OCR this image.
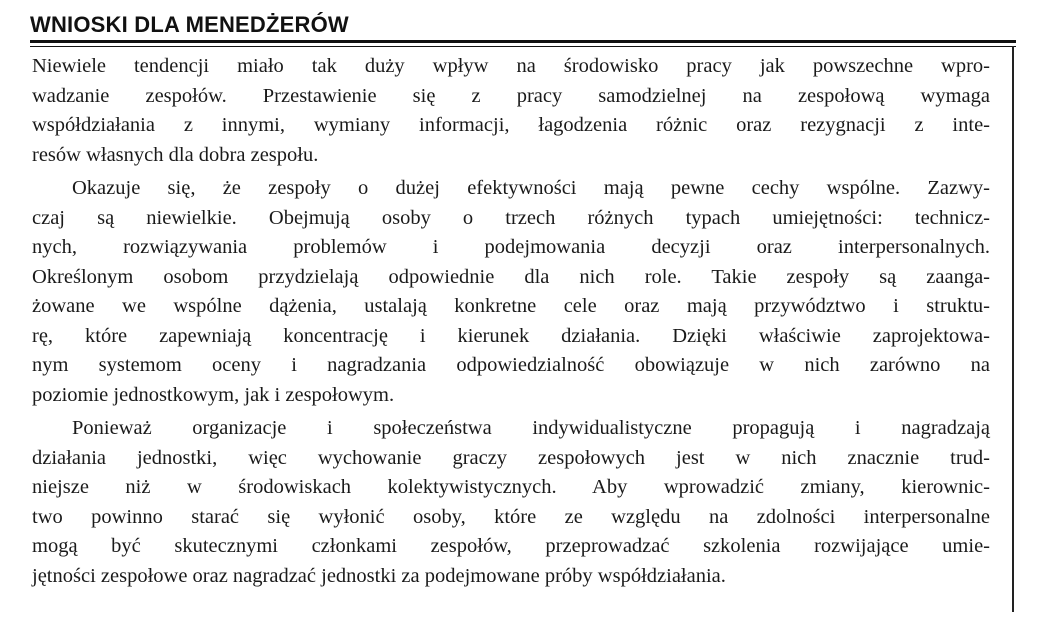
WNIOSKI DLA MENEDŻERÓW

Niewiele tendencji miało tak duży wpływ na środowisko pracy jak powszechne wpro-
wadzanie zespołów. Przestawienie się z pracy samodzielnej na zespołową wymaga
współdziałania z innymi, wymiany informacji, łagodzenia różnic oraz rezygnacji z inte-
resów własnych dla dobra zespołu.

Okazuje się, że zespoły o dużej efektywności mają pewne cechy wspólne. Zazwy-
czaj są niewielkie. Obejmują osoby o trzech różnych typach umiejętności: technicz-
nych, rozwiązywania problemów i podejmowania decyzji oraz interpersonalnych.
Określonym osobom przydzielają odpowiednie dla nich role. Takie zespoły są zaanga-
żowane we wspólne dążenia, ustalają konkretne cele oraz mają przywództwo i struktu-
rę, które zapewniają koncentrację i kierunek działania. Dzięki właściwie zaprojektowa-
nym systemom oceny i nagradzania odpowiedzialność obowiązuje w nich zarówno na
poziomie jednostkowym, jak i zespołowym.

Ponieważ organizacje i społeczeństwa indywidualistyczne propagują i nagradzają
działania jednostki, więc wychowanie graczy zespołowych jest w nich znacznie trud-
niejsze niż w środowiskach kolektywistycznych. Aby wprowadzić zmiany, kierownic-
two powinno starać się wyłonić osoby, które ze względu na zdolności interpersonalne
mogą być skutecznymi członkami zespołów, przeprowadzać szkolenia rozwijające umie-
jętności zespołowe oraz nagradzać jednostki za podejmowane próby współdziałania.
